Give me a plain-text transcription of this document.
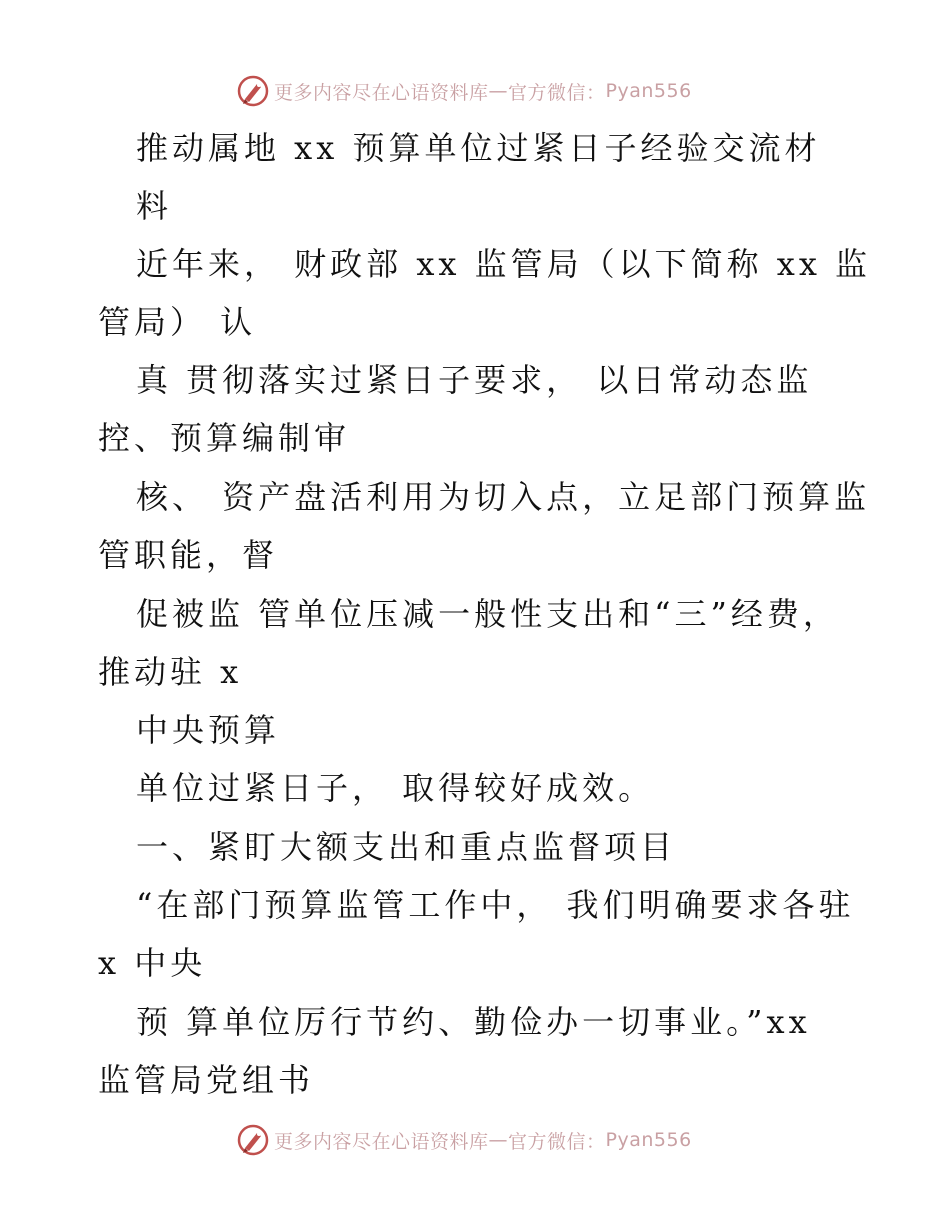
更多内容尽在心语资料库 — 官方微信： Pyan556

推动属地 xx 预算单位过紧日子经验交流材

料

近年来， 财政部 xx 监管局（以下简称 xx 监

管局） 认

真 贯彻落实过紧日子要求， 以日常动态监

控、预算编制审

核、 资产盘活利用为切入点，立足部门预算监

管职能，督

促被监 管单位压减一般性支出和“三”经费，

推动驻 x

中央预算

单位过紧日子， 取得较好成效。

一、紧盯大额支出和重点监督项目

“在部门预算监管工作中， 我们明确要求各驻

x 中央

预 算单位厉行节约、勤俭办一切事业。”xx

监管局党组书

更多内容尽在心语资料库 — 官方微信： Pyan556
